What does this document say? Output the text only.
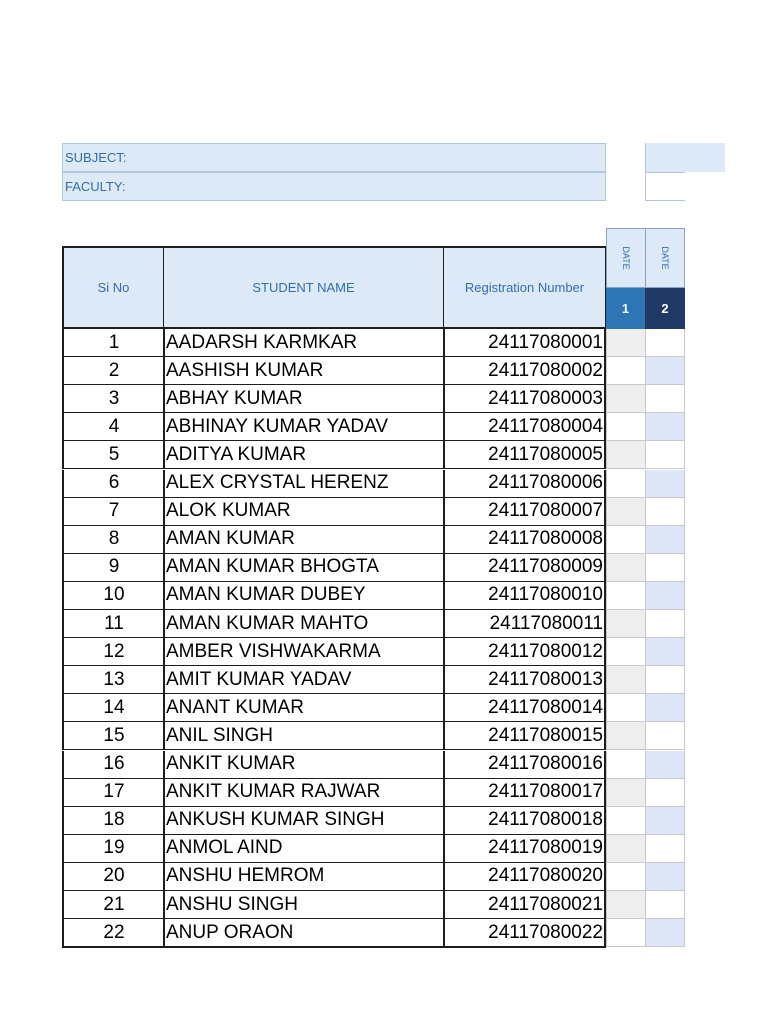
SUBJECT:
FACULTY:
Si No	STUDENT NAME	Registration Number
DATE	DATE
1 2
1	AADARSH KARMKAR	24117080001
2	AASHISH KUMAR	24117080002
3	ABHAY KUMAR	24117080003
4	ABHINAY KUMAR YADAV	24117080004
5	ADITYA KUMAR	24117080005
6	ALEX CRYSTAL HERENZ	24117080006
7	ALOK KUMAR	24117080007
8	AMAN KUMAR	24117080008
9	AMAN KUMAR BHOGTA	24117080009
10	AMAN KUMAR DUBEY	24117080010
11	AMAN KUMAR MAHTO	24117080011
12	AMBER VISHWAKARMA	24117080012
13	AMIT KUMAR YADAV	24117080013
14	ANANT KUMAR	24117080014
15	ANIL SINGH	24117080015
16	ANKIT KUMAR	24117080016
17	ANKIT KUMAR RAJWAR	24117080017
18	ANKUSH KUMAR SINGH	24117080018
19	ANMOL AIND	24117080019
20	ANSHU HEMROM	24117080020
21	ANSHU SINGH	24117080021
22	ANUP ORAON	24117080022
